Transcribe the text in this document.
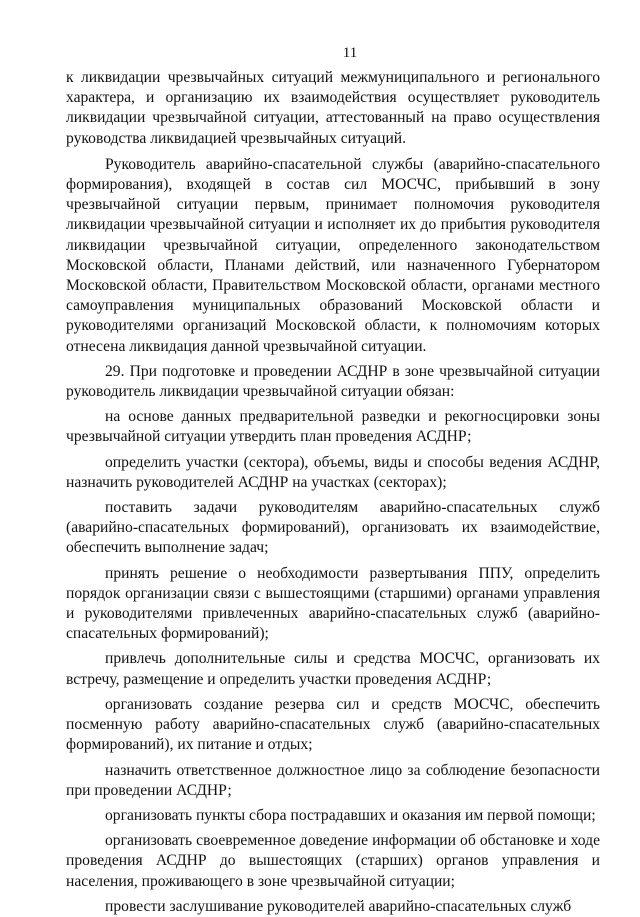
11

к ликвидации чрезвычайных ситуаций межмуниципального и регионального характера, и организацию их взаимодействия осуществляет руководитель ликвидации чрезвычайной ситуации, аттестованный на право осуществления руководства ликвидацией чрезвычайных ситуаций.

Руководитель аварийно-спасательной службы (аварийно-спасательного формирования), входящей в состав сил МОСЧС, прибывший в зону чрезвычайной ситуации первым, принимает полномочия руководителя ликвидации чрезвычайной ситуации и исполняет их до прибытия руководителя ликвидации чрезвычайной ситуации, определенного законодательством Московской области, Планами действий, или назначенного Губернатором Московской области, Правительством Московской области, органами местного самоуправления муниципальных образований Московской области и руководителями организаций Московской области, к полномочиям которых отнесена ликвидация данной чрезвычайной ситуации.

29. При подготовке и проведении АСДНР в зоне чрезвычайной ситуации руководитель ликвидации чрезвычайной ситуации обязан:

на основе данных предварительной разведки и рекогносцировки зоны чрезвычайной ситуации утвердить план проведения АСДНР;

определить участки (сектора), объемы, виды и способы ведения АСДНР, назначить руководителей АСДНР на участках (секторах);

поставить задачи руководителям аварийно-спасательных служб (аварийно-спасательных формирований), организовать их взаимодействие, обеспечить выполнение задач;

принять решение о необходимости развертывания ППУ, определить порядок организации связи с вышестоящими (старшими) органами управления и руководителями привлеченных аварийно-спасательных служб (аварийно-спасательных формирований);

привлечь дополнительные силы и средства МОСЧС, организовать их встречу, размещение и определить участки проведения АСДНР;

организовать создание резерва сил и средств МОСЧС, обеспечить посменную работу аварийно-спасательных служб (аварийно-спасательных формирований), их питание и отдых;

назначить ответственное должностное лицо за соблюдение безопасности при проведении АСДНР;

организовать пункты сбора пострадавших и оказания им первой помощи;

организовать своевременное доведение информации об обстановке и ходе проведения АСДНР до вышестоящих (старших) органов управления и населения, проживающего в зоне чрезвычайной ситуации;

провести заслушивание руководителей аварийно-спасательных служб
